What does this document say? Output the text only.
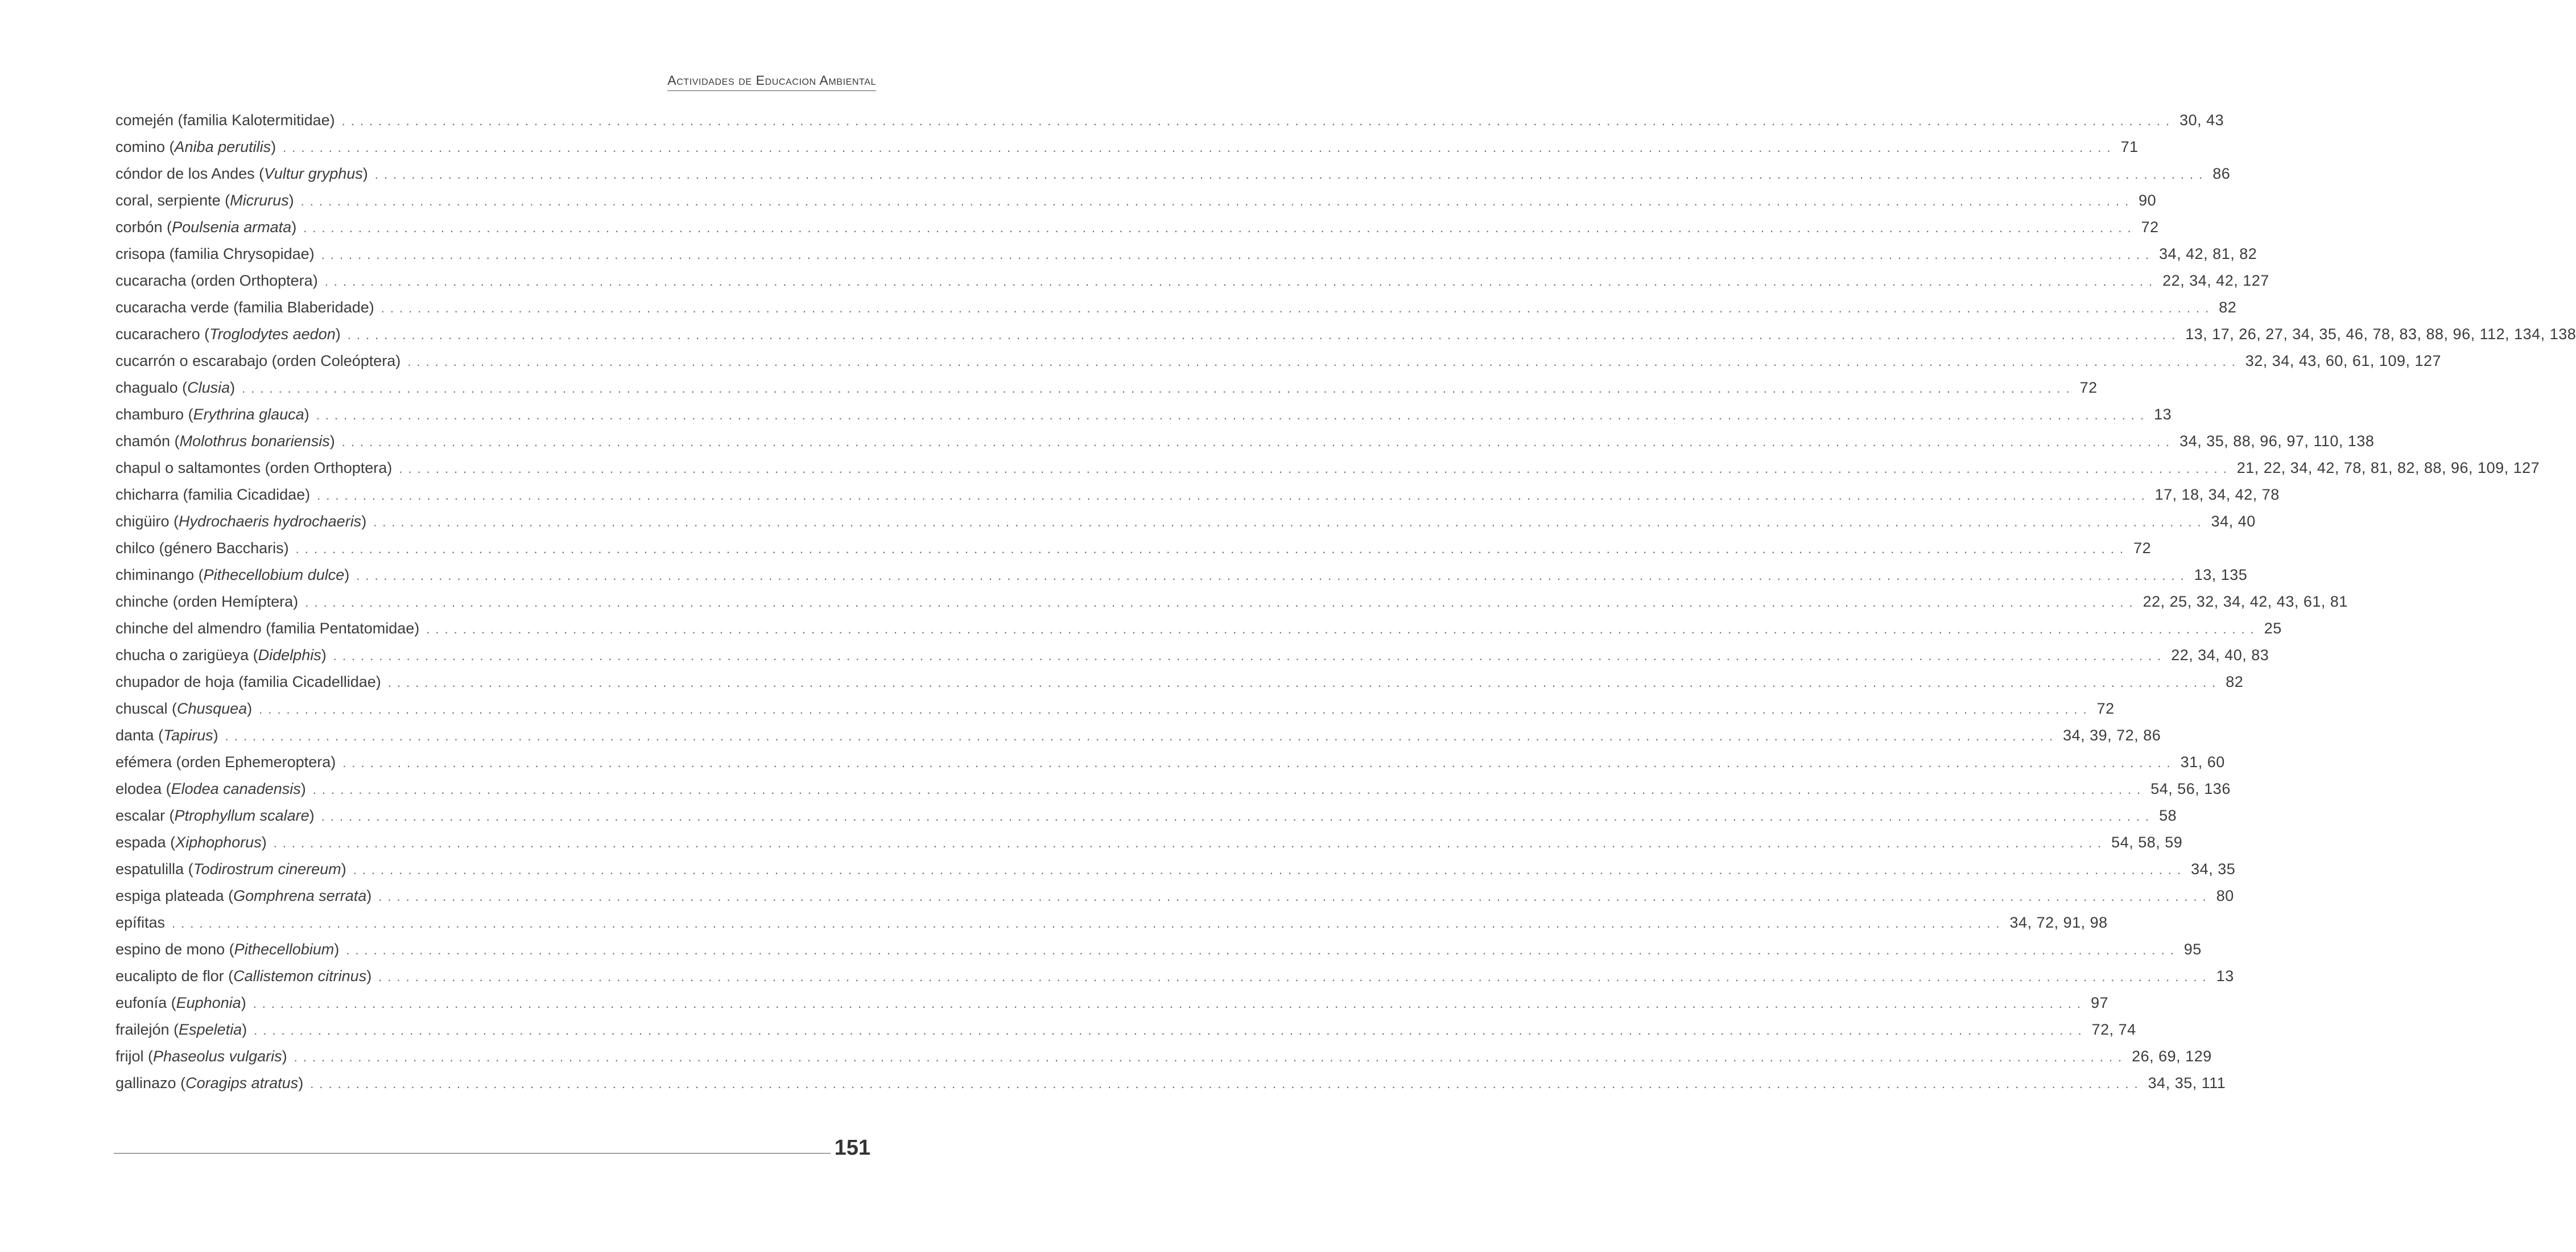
Actividades de Educacion Ambiental
comején (familia Kalotermitidae) ........................................................................................................................................................................................................ 30, 43
comino (Aniba perutilis) ........................................................................................................................................................................................................ 71
cóndor de los Andes (Vultur gryphus) ........................................................................................................................................................................................................ 86
coral, serpiente (Micrurus) ........................................................................................................................................................................................................ 90
corbón (Poulsenia armata) ........................................................................................................................................................................................................ 72
crisopa (familia Chrysopidae) ........................................................................................................................................................................................................ 34, 42, 81, 82
cucaracha (orden Orthoptera) ........................................................................................................................................................................................................ 22, 34, 42, 127
cucaracha verde (familia Blaberidade) ........................................................................................................................................................................................................ 82
cucarachero (Troglodytes aedon) ........................................................................................................................................................................................................ 13, 17, 26, 27, 34, 35, 46, 78, 83, 88, 96, 112, 134, 138
cucarrón o escarabajo (orden Coleóptera) ........................................................................................................................................................................................................ 32, 34, 43, 60, 61, 109, 127
chagualo (Clusia) ........................................................................................................................................................................................................ 72
chamburo (Erythrina glauca) ........................................................................................................................................................................................................ 13
chamón (Molothrus bonariensis) ........................................................................................................................................................................................................ 34, 35, 88, 96, 97, 110, 138
chapul o saltamontes (orden Orthoptera) ........................................................................................................................................................................................................ 21, 22, 34, 42, 78, 81, 82, 88, 96, 109, 127
chicharra (familia Cicadidae) ........................................................................................................................................................................................................ 17, 18, 34, 42, 78
chigüiro (Hydrochaeris hydrochaeris) ........................................................................................................................................................................................................ 34, 40
chilco (género Baccharis) ........................................................................................................................................................................................................ 72
chiminango (Pithecellobium dulce) ........................................................................................................................................................................................................ 13, 135
chinche (orden Hemíptera) ........................................................................................................................................................................................................ 22, 25, 32, 34, 42, 43, 61, 81
chinche del almendro (familia Pentatomidae) ........................................................................................................................................................................................................ 25
chucha o zarigüeya (Didelphis) ........................................................................................................................................................................................................ 22, 34, 40, 83
chupador de hoja (familia Cicadellidae) ........................................................................................................................................................................................................ 82
chuscal (Chusquea) ........................................................................................................................................................................................................ 72
danta (Tapirus) ........................................................................................................................................................................................................ 34, 39, 72, 86
efémera (orden Ephemeroptera) ........................................................................................................................................................................................................ 31, 60
elodea (Elodea canadensis) ........................................................................................................................................................................................................ 54, 56, 136
escalar (Ptrophyllum scalare) ........................................................................................................................................................................................................ 58
espada (Xiphophorus) ........................................................................................................................................................................................................ 54, 58, 59
espatulilla (Todirostrum cinereum) ........................................................................................................................................................................................................ 34, 35
espiga plateada (Gomphrena serrata) ........................................................................................................................................................................................................ 80
epífitas ........................................................................................................................................................................................................ 34, 72, 91, 98
espino de mono (Pithecellobium) ........................................................................................................................................................................................................ 95
eucalipto de flor (Callistemon citrinus) ........................................................................................................................................................................................................ 13
eufonía (Euphonia) ........................................................................................................................................................................................................ 97
frailejón (Espeletia) ........................................................................................................................................................................................................ 72, 74
frijol (Phaseolus vulgaris) ........................................................................................................................................................................................................ 26, 69, 129
gallinazo (Coragips atratus) ........................................................................................................................................................................................................ 34, 35, 111
151
